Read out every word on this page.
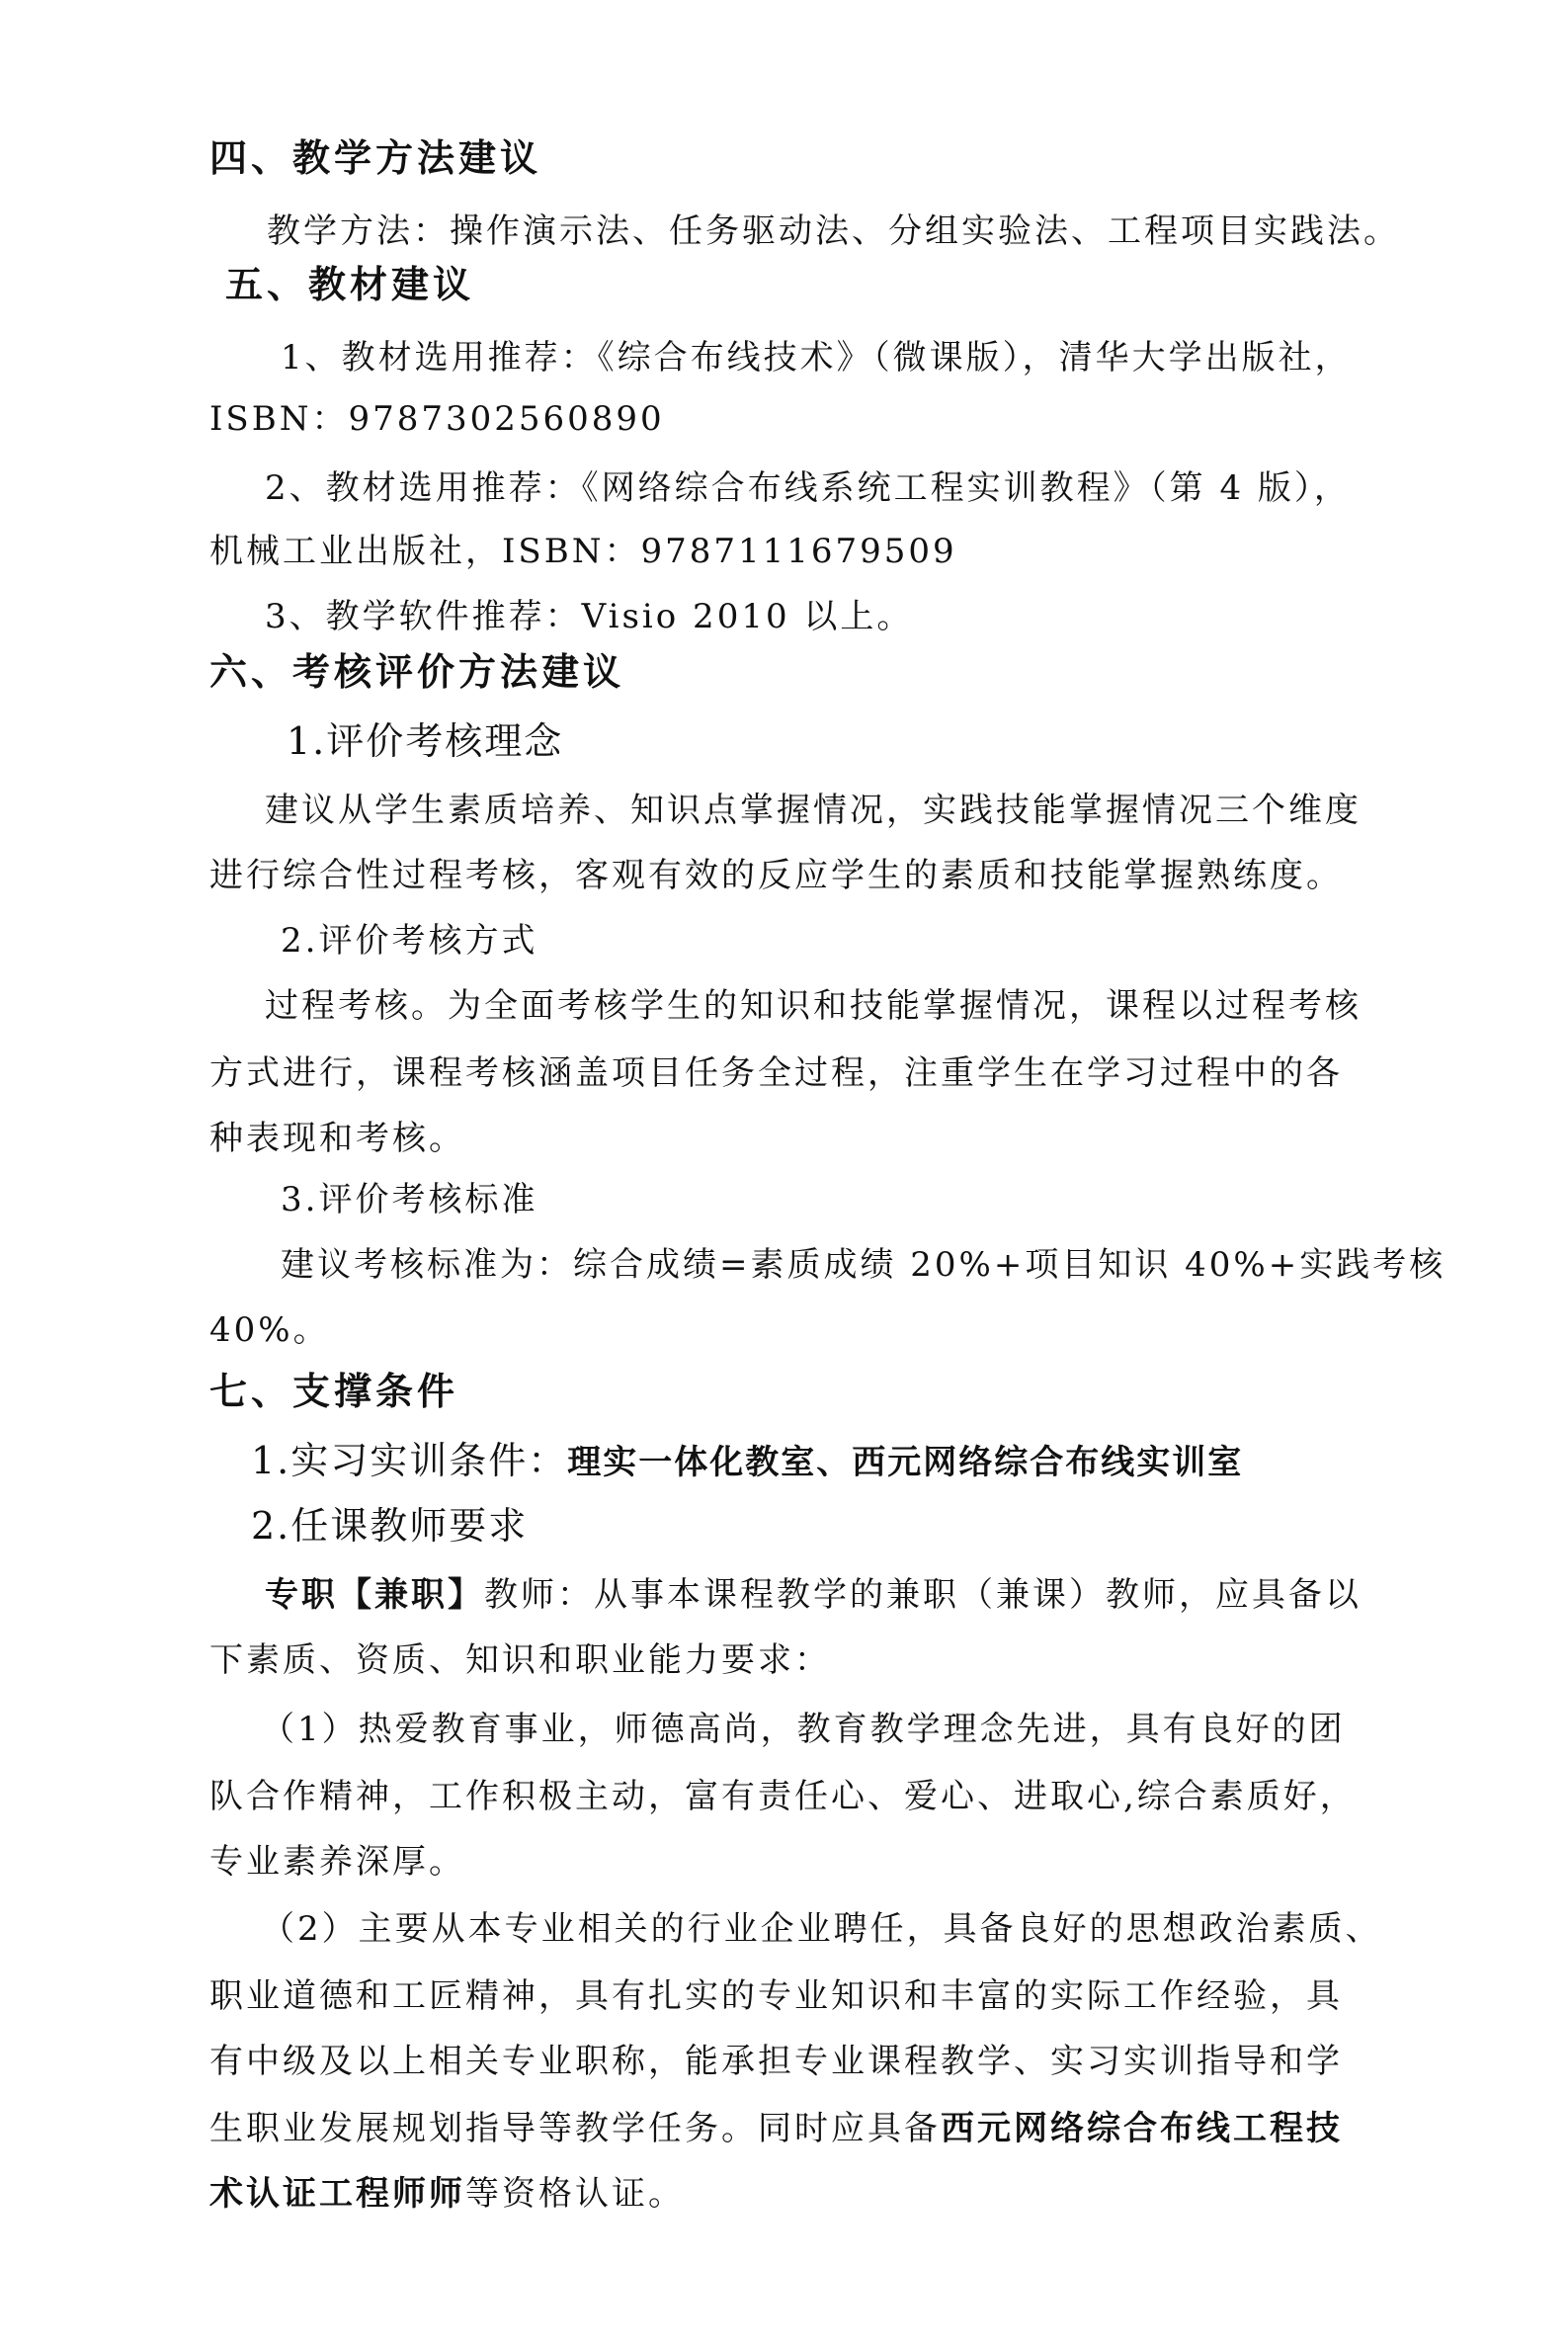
四、教学方法建议

教学方法：操作演示法、任务驱动法、分组实验法、工程项目实践法。

五、教材建议

1、教材选用推荐：《综合布线技术》（微课版），清华大学出版社，

ISBN：9787302560890

2、教材选用推荐：《网络综合布线系统工程实训教程》（第 4 版），

机械工业出版社，ISBN：9787111679509

3、教学软件推荐：Visio 2010 以上。

六、考核评价方法建议

1.评价考核理念

建议从学生素质培养、知识点掌握情况，实践技能掌握情况三个维度

进行综合性过程考核，客观有效的反应学生的素质和技能掌握熟练度。

2.评价考核方式

过程考核。为全面考核学生的知识和技能掌握情况，课程以过程考核

方式进行，课程考核涵盖项目任务全过程，注重学生在学习过程中的各

种表现和考核。

3.评价考核标准

建议考核标准为：综合成绩=素质成绩 20%+项目知识 40%+实践考核

40%。

七、支撑条件

1.实习实训条件：理实一体化教室、西元网络综合布线实训室

2.任课教师要求

专职【兼职】教师：从事本课程教学的兼职（兼课）教师，应具备以

下素质、资质、知识和职业能力要求：

（1）热爱教育事业，师德高尚，教育教学理念先进，具有良好的团

队合作精神，工作积极主动，富有责任心、爱心、进取心,综合素质好，

专业素养深厚。

（2）主要从本专业相关的行业企业聘任，具备良好的思想政治素质、

职业道德和工匠精神，具有扎实的专业知识和丰富的实际工作经验，具

有中级及以上相关专业职称，能承担专业课程教学、实习实训指导和学

生职业发展规划指导等教学任务。同时应具备西元网络综合布线工程技

术认证工程师师等资格认证。
